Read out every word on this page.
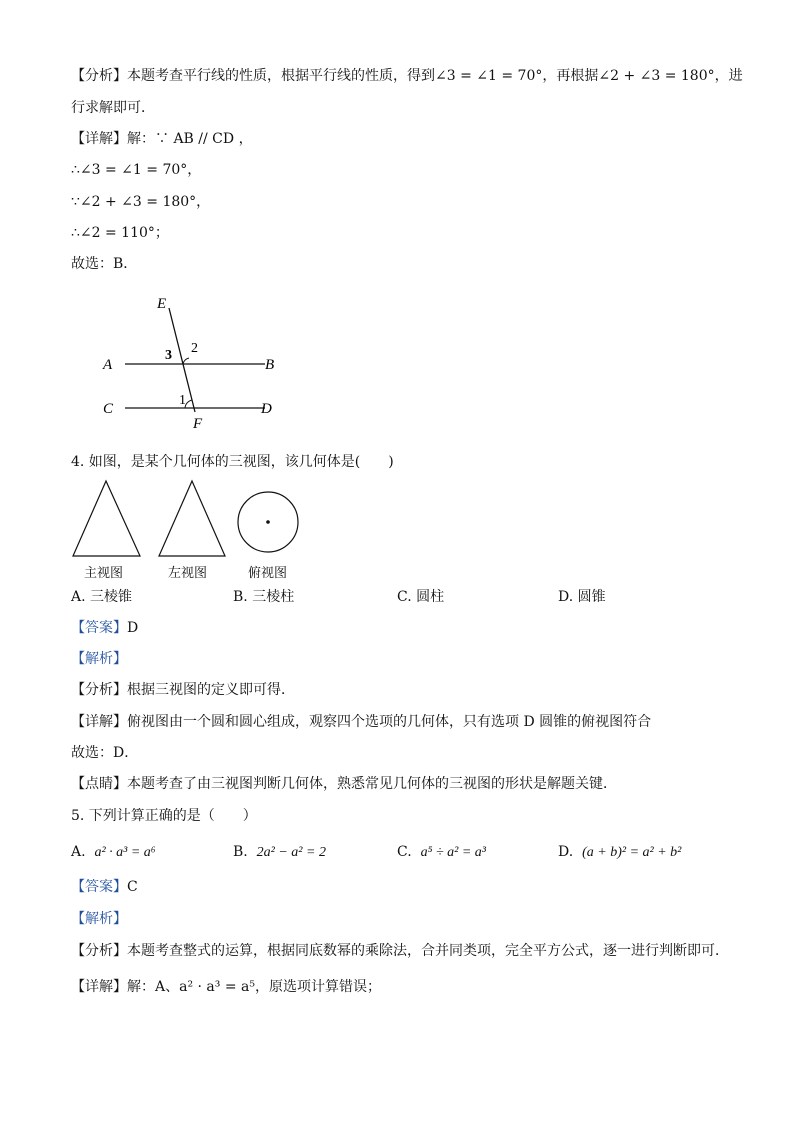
【分析】本题考查平行线的性质，根据平行线的性质，得到∠3 = ∠1 = 70°，再根据∠2 + ∠3 = 180°，进
行求解即可．
【详解】解：∵ AB // CD ，
∴∠3 = ∠1 = 70°，
∵∠2 + ∠3 = 180°，
∴∠2 = 110°；
故选：B．
E
A	B
C	D
F
2
3
1
4. 如图，是某个几何体的三视图，该几何体是(　　)
主视图	左视图	俯视图
A. 三棱锥	B. 三棱柱	C. 圆柱	D. 圆锥
【答案】D
【解析】
【分析】根据三视图的定义即可得．
【详解】俯视图由一个圆和圆心组成，观察四个选项的几何体，只有选项 D 圆锥的俯视图符合
故选：D．
【点睛】本题考查了由三视图判断几何体，熟悉常见几何体的三视图的形状是解题关键．
5. 下列计算正确的是（　　）
A. a² · a³ = a⁶	B. 2a² − a² = 2	C. a⁵ ÷ a² = a³	D. (a + b)² = a² + b²
【答案】C
【解析】
【分析】本题考查整式的运算，根据同底数幂的乘除法，合并同类项，完全平方公式，逐一进行判断即可．
【详解】解：A、a² · a³ = a⁵，原选项计算错误；
